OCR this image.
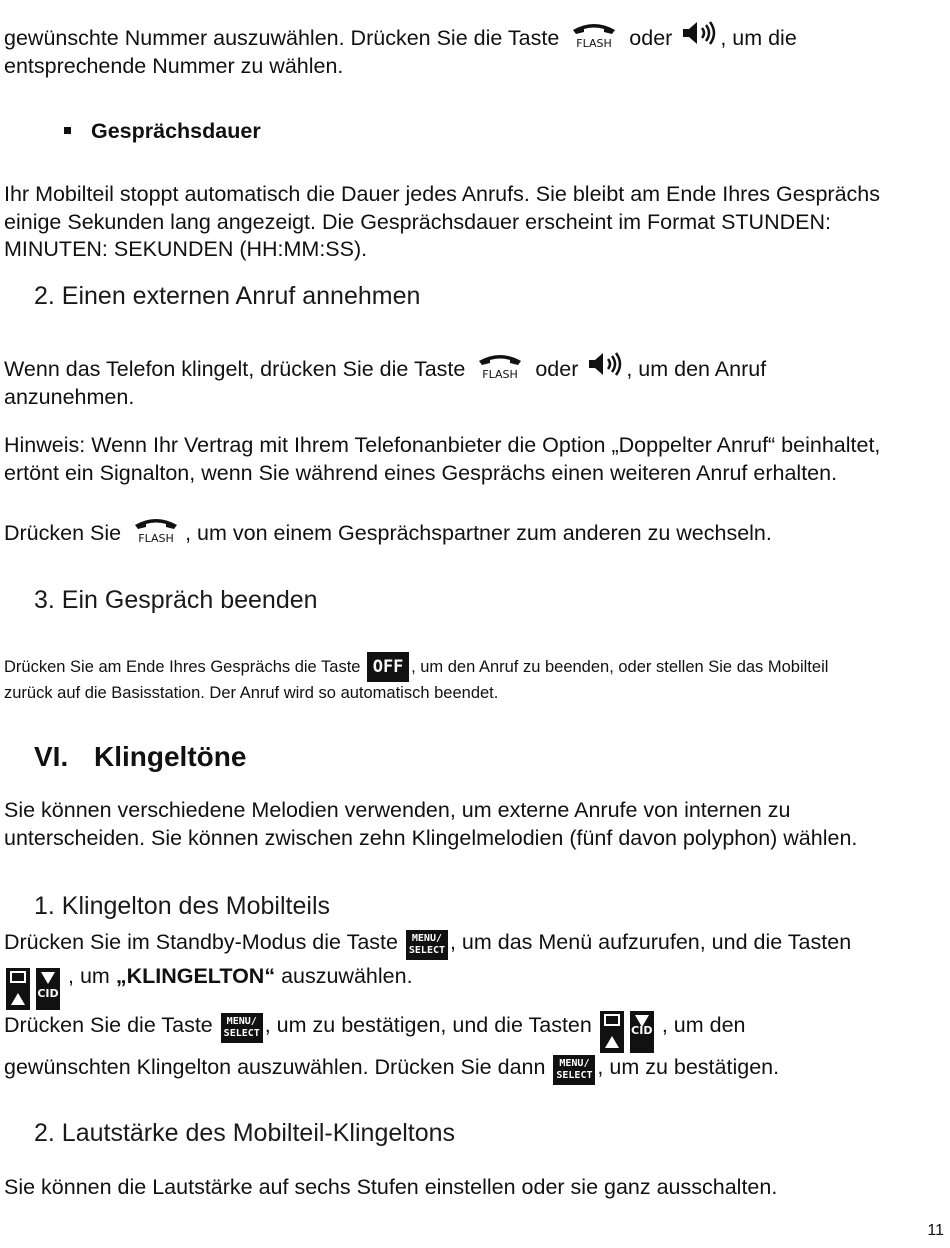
gewünschte Nummer auszuwählen. Drücken Sie die Taste FLASH oder , um die
entsprechende Nummer zu wählen.
Gesprächsdauer
Ihr Mobilteil stoppt automatisch die Dauer jedes Anrufs. Sie bleibt am Ende Ihres Gesprächs einige Sekunden lang angezeigt. Die Gesprächsdauer erscheint im Format STUNDEN: MINUTEN: SEKUNDEN (HH:MM:SS).
2. Einen externen Anruf annehmen
Wenn das Telefon klingelt, drücken Sie die Taste FLASH oder , um den Anruf
anzunehmen.
Hinweis: Wenn Ihr Vertrag mit Ihrem Telefonanbieter die Option „Doppelter Anruf“ beinhaltet, ertönt ein Signalton, wenn Sie während eines Gesprächs einen weiteren Anruf erhalten.
Drücken Sie FLASH , um von einem Gesprächspartner zum anderen zu wechseln.
3. Ein Gespräch beenden
Drücken Sie am Ende Ihres Gesprächs die Taste OFF , um den Anruf zu beenden, oder stellen Sie das Mobilteil
zurück auf die Basisstation. Der Anruf wird so automatisch beendet.
VI. Klingeltöne
Sie können verschiedene Melodien verwenden, um externe Anrufe von internen zu unterscheiden. Sie können zwischen zehn Klingelmelodien (fünf davon polyphon) wählen.
1. Klingelton des Mobilteils
Drücken Sie im Standby-Modus die Taste MENU/
SELECT , um das Menü aufzurufen, und die Tasten
CID
, um „KLINGELTON“ auszuwählen.
Drücken Sie die Taste MENU/
SELECT , um zu bestätigen, und die Tasten	CID , um den
gewünschten Klingelton auszuwählen. Drücken Sie dann MENU/
SELECT , um zu bestätigen.
2. Lautstärke des Mobilteil-Klingeltons
Sie können die Lautstärke auf sechs Stufen einstellen oder sie ganz ausschalten.
11
